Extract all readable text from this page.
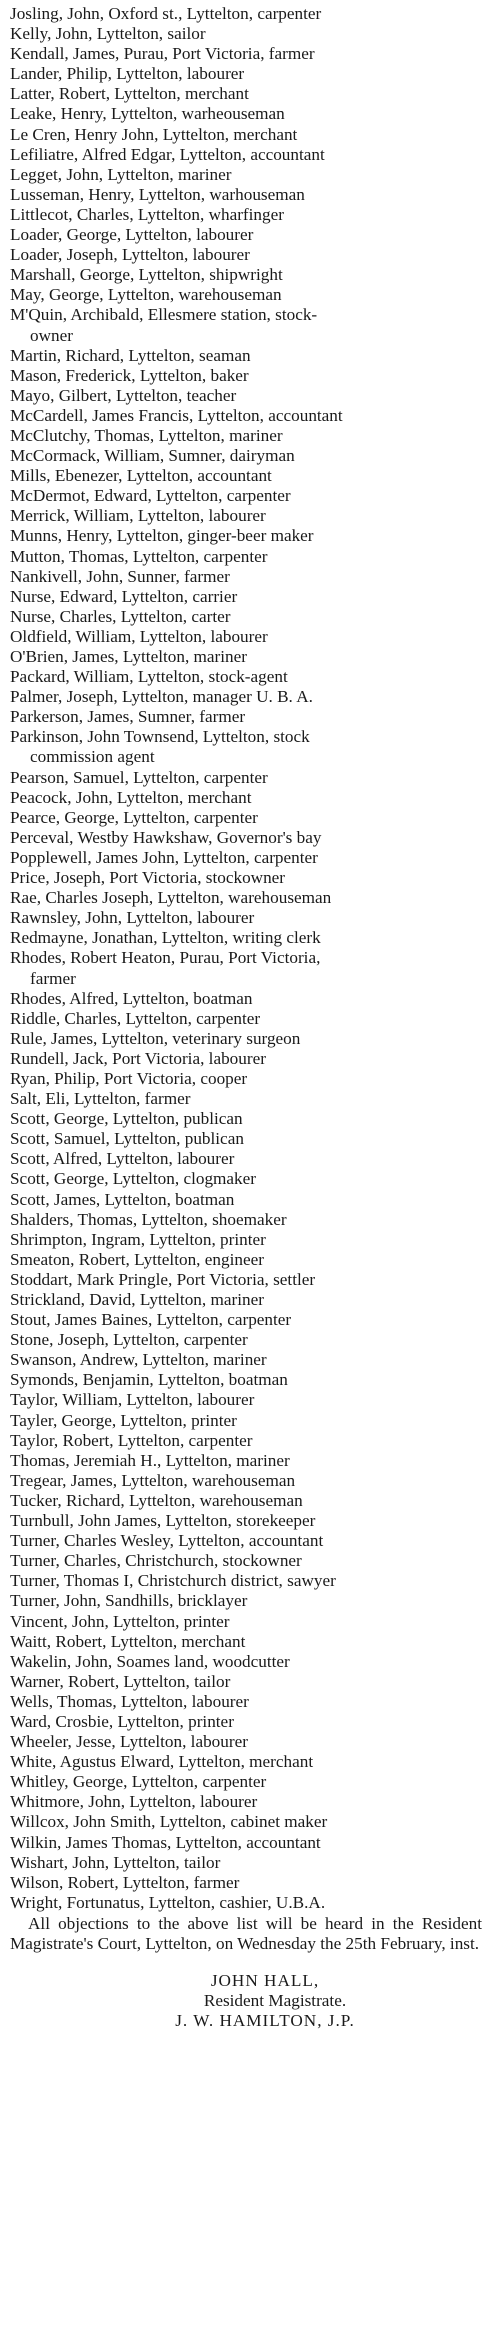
Josling, John, Oxford st., Lyttelton, carpenter
Kelly, John, Lyttelton, sailor
Kendall, James, Purau, Port Victoria, farmer
Lander, Philip, Lyttelton, labourer
Latter, Robert, Lyttelton, merchant
Leake, Henry, Lyttelton, warheouseman
Le Cren, Henry John, Lyttelton, merchant
Lefiliatre, Alfred Edgar, Lyttelton, accountant
Legget, John, Lyttelton, mariner
Lusseman, Henry, Lyttelton, warhouseman
Littlecot, Charles, Lyttelton, wharfinger
Loader, George, Lyttelton, labourer
Loader, Joseph, Lyttelton, labourer
Marshall, George, Lyttelton, shipwright
May, George, Lyttelton, warehouseman
M'Quin, Archibald, Ellesmere station, stock-
owner
Martin, Richard, Lyttelton, seaman
Mason, Frederick, Lyttelton, baker
Mayo, Gilbert, Lyttelton, teacher
McCardell, James Francis, Lyttelton, accountant
McClutchy, Thomas, Lyttelton, mariner
McCormack, William, Sumner, dairyman
Mills, Ebenezer, Lyttelton, accountant
McDermot, Edward, Lyttelton, carpenter
Merrick, William, Lyttelton, labourer
Munns, Henry, Lyttelton, ginger-beer maker
Mutton, Thomas, Lyttelton, carpenter
Nankivell, John, Sunner, farmer
Nurse, Edward, Lyttelton, carrier
Nurse, Charles, Lyttelton, carter
Oldfield, William, Lyttelton, labourer
O'Brien, James, Lyttelton, mariner
Packard, William, Lyttelton, stock-agent
Palmer, Joseph, Lyttelton, manager U. B. A.
Parkerson, James, Sumner, farmer
Parkinson, John Townsend, Lyttelton, stock
commission agent
Pearson, Samuel, Lyttelton, carpenter
Peacock, John, Lyttelton, merchant
Pearce, George, Lyttelton, carpenter
Perceval, Westby Hawkshaw, Governor's bay
Popplewell, James John, Lyttelton, carpenter
Price, Joseph, Port Victoria, stockowner
Rae, Charles Joseph, Lyttelton, warehouseman
Rawnsley, John, Lyttelton, labourer
Redmayne, Jonathan, Lyttelton, writing clerk
Rhodes, Robert Heaton, Purau, Port Victoria,
farmer
Rhodes, Alfred, Lyttelton, boatman
Riddle, Charles, Lyttelton, carpenter
Rule, James, Lyttelton, veterinary surgeon
Rundell, Jack, Port Victoria, labourer
Ryan, Philip, Port Victoria, cooper
Salt, Eli, Lyttelton, farmer
Scott, George, Lyttelton, publican
Scott, Samuel, Lyttelton, publican
Scott, Alfred, Lyttelton, labourer
Scott, George, Lyttelton, clogmaker
Scott, James, Lyttelton, boatman
Shalders, Thomas, Lyttelton, shoemaker
Shrimpton, Ingram, Lyttelton, printer
Smeaton, Robert, Lyttelton, engineer
Stoddart, Mark Pringle, Port Victoria, settler
Strickland, David, Lyttelton, mariner
Stout, James Baines, Lyttelton, carpenter
Stone, Joseph, Lyttelton, carpenter
Swanson, Andrew, Lyttelton, mariner
Symonds, Benjamin, Lyttelton, boatman
Taylor, William, Lyttelton, labourer
Tayler, George, Lyttelton, printer
Taylor, Robert, Lyttelton, carpenter
Thomas, Jeremiah H., Lyttelton, mariner
Tregear, James, Lyttelton, warehouseman
Tucker, Richard, Lyttelton, warehouseman
Turnbull, John James, Lyttelton, storekeeper
Turner, Charles Wesley, Lyttelton, accountant
Turner, Charles, Christchurch, stockowner
Turner, Thomas I, Christchurch district, sawyer
Turner, John, Sandhills, bricklayer
Vincent, John, Lyttelton, printer
Waitt, Robert, Lyttelton, merchant
Wakelin, John, Soames land, woodcutter
Warner, Robert, Lyttelton, tailor
Wells, Thomas, Lyttelton, labourer
Ward, Crosbie, Lyttelton, printer
Wheeler, Jesse, Lyttelton, labourer
White, Agustus Elward, Lyttelton, merchant
Whitley, George, Lyttelton, carpenter
Whitmore, John, Lyttelton, labourer
Willcox, John Smith, Lyttelton, cabinet maker
Wilkin, James Thomas, Lyttelton, accountant
Wishart, John, Lyttelton, tailor
Wilson, Robert, Lyttelton, farmer
Wright, Fortunatus, Lyttelton, cashier, U.B.A.

All objections to the above list will be heard in the Resident Magistrate's Court, Lyttelton, on Wednesday the 25th February, inst.

JOHN HALL,
Resident Magistrate.
J. W. HAMILTON, J.P.
